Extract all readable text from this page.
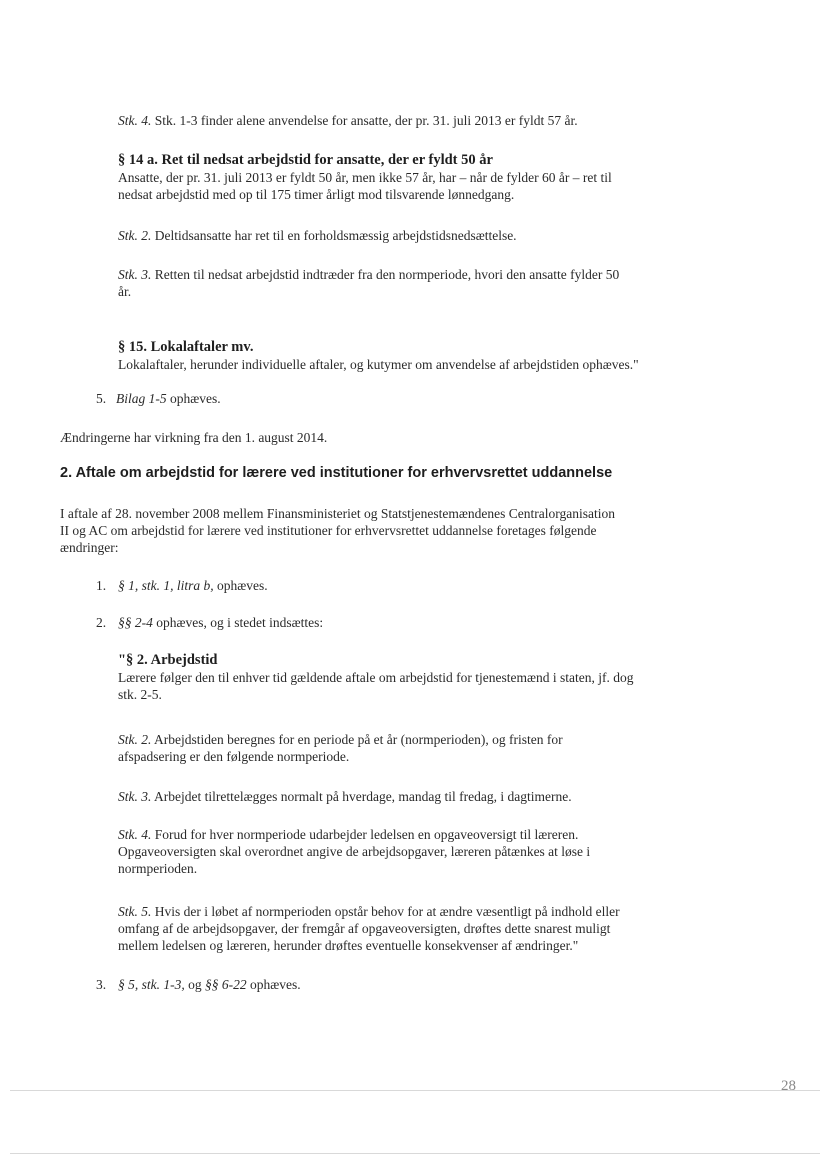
Stk. 4. Stk. 1-3 finder alene anvendelse for ansatte, der pr. 31. juli 2013 er fyldt 57 år.
§ 14 a. Ret til nedsat arbejdstid for ansatte, der er fyldt 50 år
Ansatte, der pr. 31. juli 2013 er fyldt 50 år, men ikke 57 år, har – når de fylder 60 år – ret til
nedsat arbejdstid med op til 175 timer årligt mod tilsvarende lønnedgang.
Stk. 2. Deltidsansatte har ret til en forholdsmæssig arbejdstidsnedsættelse.
Stk. 3. Retten til nedsat arbejdstid indtræder fra den normperiode, hvori den ansatte fylder 50
år.
§ 15. Lokalaftaler mv.
Lokalaftaler, herunder individuelle aftaler, og kutymer om anvendelse af arbejdstiden ophæves."
5. Bilag 1-5 ophæves.
Ændringerne har virkning fra den 1. august 2014.
2. Aftale om arbejdstid for lærere ved institutioner for erhvervsrettet uddannelse
I aftale af 28. november 2008 mellem Finansministeriet og Statstjenestemændenes Centralorganisation
II og AC om arbejdstid for lærere ved institutioner for erhvervsrettet uddannelse foretages følgende
ændringer:
1. § 1, stk. 1, litra b, ophæves.
2. §§ 2-4 ophæves, og i stedet indsættes:
"§ 2. Arbejdstid
Lærere følger den til enhver tid gældende aftale om arbejdstid for tjenestemænd i staten, jf. dog
stk. 2-5.
Stk. 2. Arbejdstiden beregnes for en periode på et år (normperioden), og fristen for
afspadsering er den følgende normperiode.
Stk. 3. Arbejdet tilrettelægges normalt på hverdage, mandag til fredag, i dagtimerne.
Stk. 4. Forud for hver normperiode udarbejder ledelsen en opgaveoversigt til læreren.
Opgaveoversigten skal overordnet angive de arbejdsopgaver, læreren påtænkes at løse i
normperioden.
Stk. 5. Hvis der i løbet af normperioden opstår behov for at ændre væsentligt på indhold eller
omfang af de arbejdsopgaver, der fremgår af opgaveoversigten, drøftes dette snarest muligt
mellem ledelsen og læreren, herunder drøftes eventuelle konsekvenser af ændringer."
3. § 5, stk. 1-3, og §§ 6-22 ophæves.
28
